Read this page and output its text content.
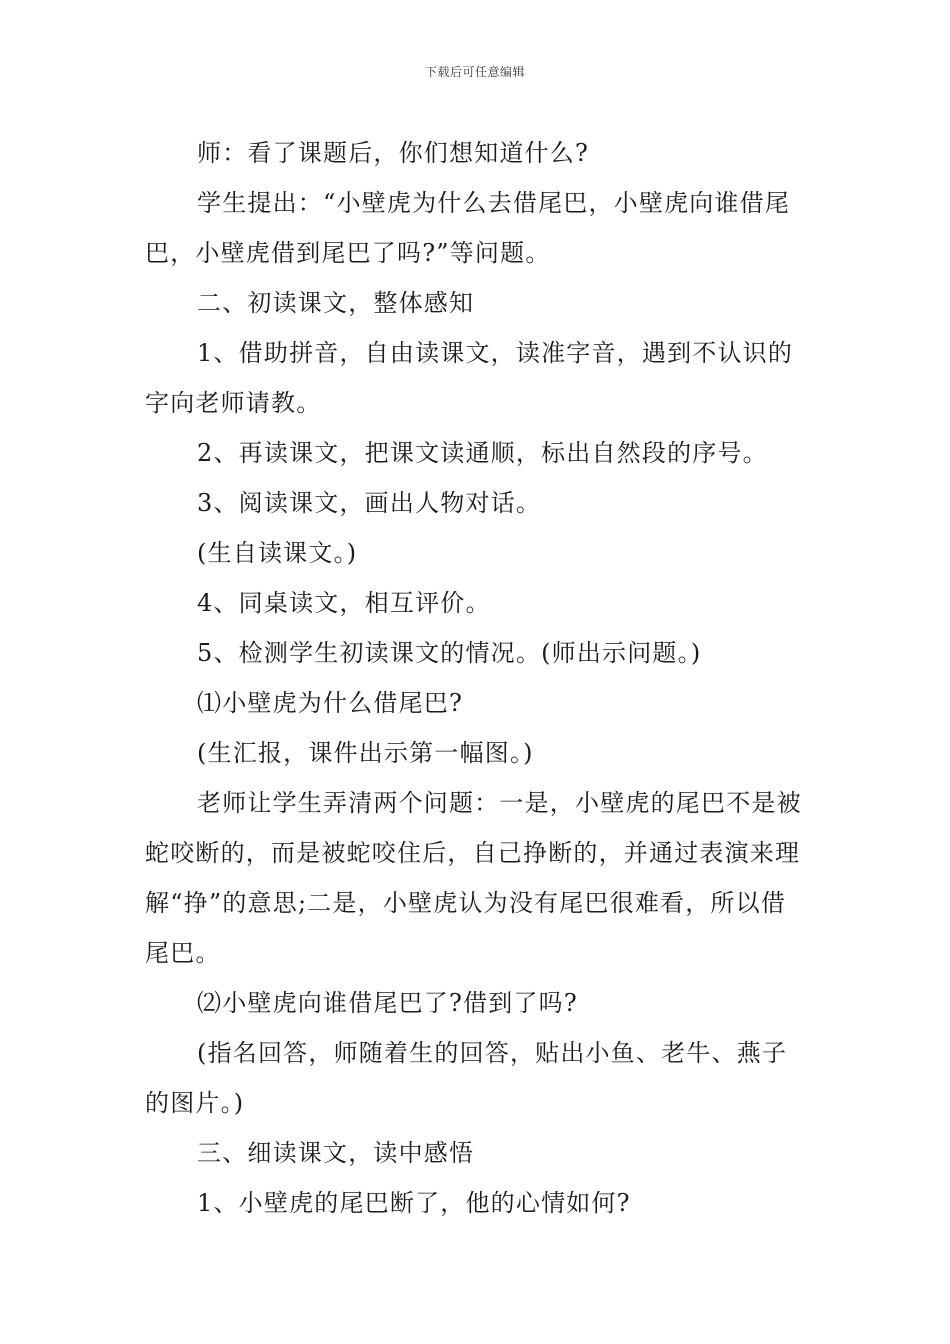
下载后可任意编辑

师：看了课题后，你们想知道什么?

学生提出：“小壁虎为什么去借尾巴，小壁虎向谁借尾巴，小壁虎借到尾巴了吗?”等问题。

二、初读课文，整体感知

1、借助拼音，自由读课文，读准字音，遇到不认识的字向老师请教。

2、再读课文，把课文读通顺，标出自然段的序号。

3、阅读课文，画出人物对话。

(生自读课文。)

4、同桌读文，相互评价。

5、检测学生初读课文的情况。(师出示问题。)

⑴小壁虎为什么借尾巴?

(生汇报，课件出示第一幅图。)

老师让学生弄清两个问题：一是，小壁虎的尾巴不是被蛇咬断的，而是被蛇咬住后，自己挣断的，并通过表演来理解“挣”的意思;二是，小壁虎认为没有尾巴很难看，所以借尾巴。

⑵小壁虎向谁借尾巴了?借到了吗?

(指名回答，师随着生的回答，贴出小鱼、老牛、燕子的图片。)

三、细读课文，读中感悟

1、小壁虎的尾巴断了，他的心情如何?
